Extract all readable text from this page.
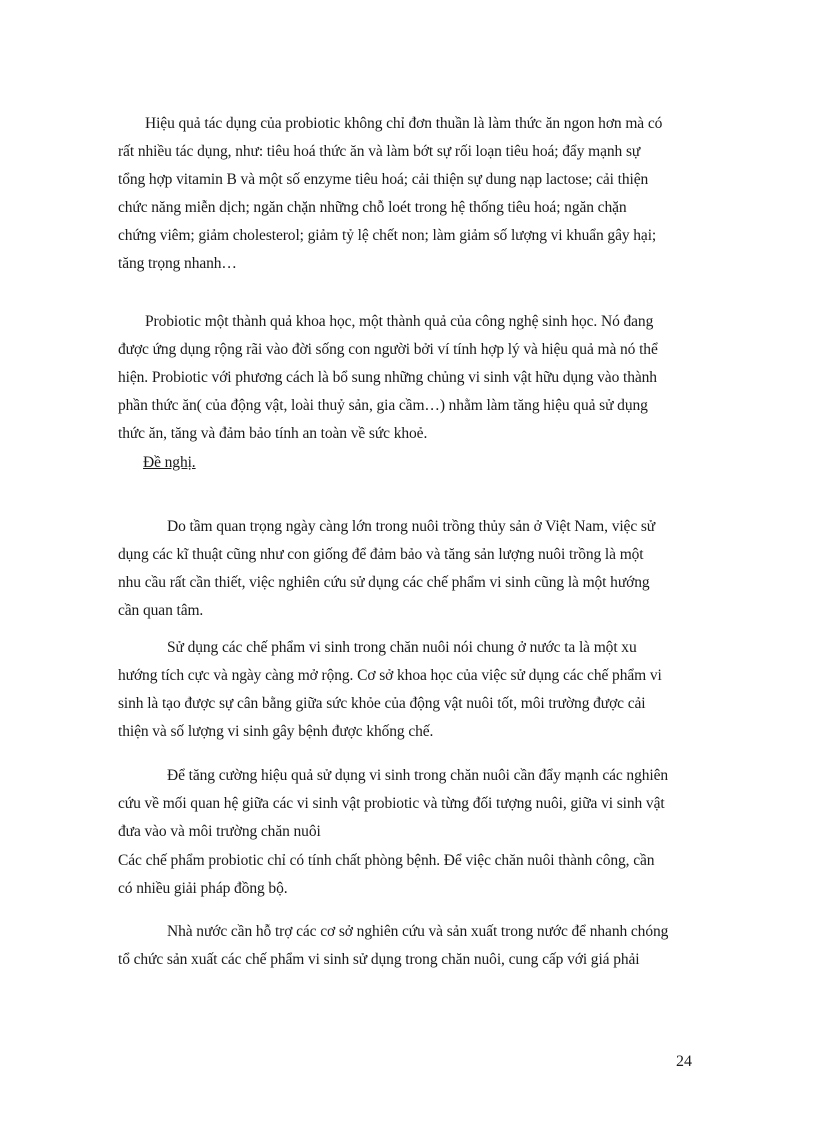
Hiệu quả tác dụng của probiotic không chỉ đơn thuần là làm thức ăn ngon hơn mà có
rất nhiều tác dụng, như: tiêu hoá thức ăn và làm bớt sự rối loạn tiêu hoá; đẩy mạnh sự
tổng hợp vitamin B và một số enzyme tiêu hoá; cải thiện sự dung nạp lactose; cải thiện
chức năng miễn dịch; ngăn chặn những chỗ loét trong hệ thống tiêu hoá; ngăn chặn
chứng viêm; giảm cholesterol; giảm tỷ lệ chết non; làm giảm số lượng vi khuẩn gây hại;
tăng trọng nhanh…
Probiotic một thành quả khoa học, một thành quả của công nghệ sinh học. Nó đang
được ứng dụng rộng rãi vào đời sống con người bởi ví tính hợp lý và hiệu quả mà nó thể
hiện. Probiotic với phương cách là bổ sung những chủng vi sinh vật hữu dụng vào thành
phần thức ăn( của động vật, loài thuỷ sản, gia cầm…) nhằm làm tăng hiệu quả sử dụng
thức ăn, tăng và đảm bảo tính an toàn về sức khoẻ.
Đề nghị.
Do tầm quan trọng ngày càng lớn trong nuôi trồng thủy sản ở Việt Nam, việc sử
dụng các kĩ thuật cũng như con giống để đảm bảo và tăng sản lượng nuôi trồng là một
nhu cầu rất cần thiết, việc nghiên cứu sử dụng các chế phẩm vi sinh cũng là một hướng
cần quan tâm.
Sử dụng các chế phẩm vi sinh trong chăn nuôi nói chung ở nước ta là một xu
hướng tích cực và ngày càng mở rộng. Cơ sở khoa học của việc sử dụng các chế phẩm vi
sinh là tạo được sự cân bằng giữa sức khỏe của động vật nuôi tốt, môi trường được cải
thiện và số lượng vi sinh gây bệnh được khống chế.
Để tăng cường hiệu quả sử dụng vi sinh trong chăn nuôi cần đẩy mạnh các nghiên
cứu về mối quan hệ giữa các vi sinh vật probiotic và từng đối tượng nuôi, giữa vi sinh vật
đưa vào và môi trường chăn nuôi
Các chế phẩm probiotic chỉ có tính chất phòng bệnh. Để việc chăn nuôi thành công, cần
có nhiều giải pháp đồng bộ.
Nhà nước cần hỗ trợ các cơ sở nghiên cứu và sản xuất trong nước để nhanh chóng
tổ chức sản xuất các chế phẩm vi sinh sử dụng trong chăn nuôi, cung cấp với giá phải
24
